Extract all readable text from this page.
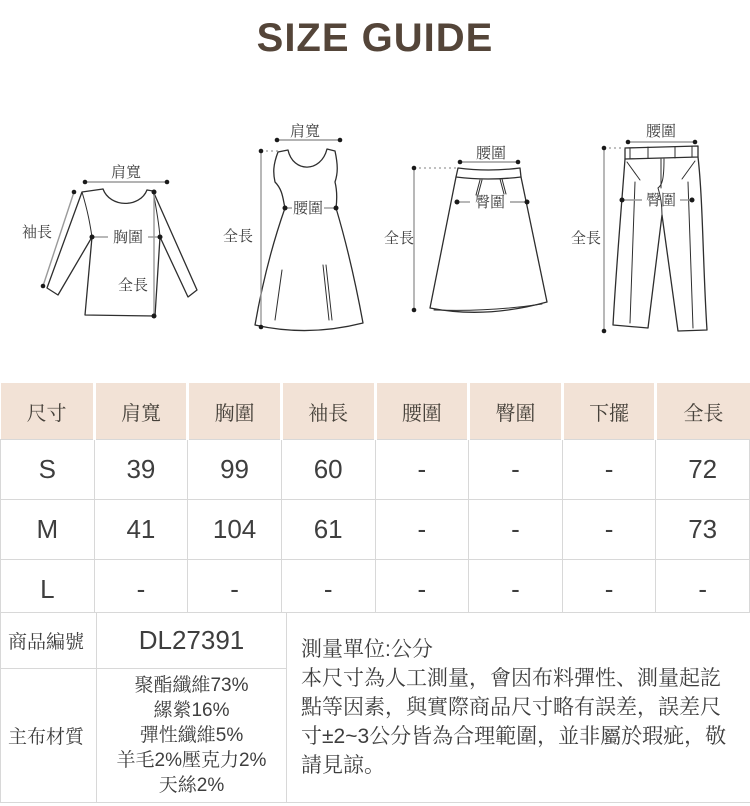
SIZE GUIDE
肩寬
袖長	胸圍
全長
肩寬
全長
腰圍
腰圍
臀圍
全長
腰圍
臀圍
全長
尺寸	肩寬	胸圍	袖長	腰圍	臀圍	下擺	全長
S	39	99	60	-	-	-	72
M	41	104	61	-	-	-	73
L	-	-	-	-	-	-	-
商品編號	DL27391	測量單位:公分
本尺寸為人工測量，會因布料彈性、測量起訖點等因素，與實際商品尺寸略有誤差，誤差尺寸±2~3公分皆為合理範圍，並非屬於瑕疵，敬請見諒。

主布材質	聚酯纖維73%
縲縈16%
彈性纖維5%
羊毛2%壓克力2%
天絲2%	
